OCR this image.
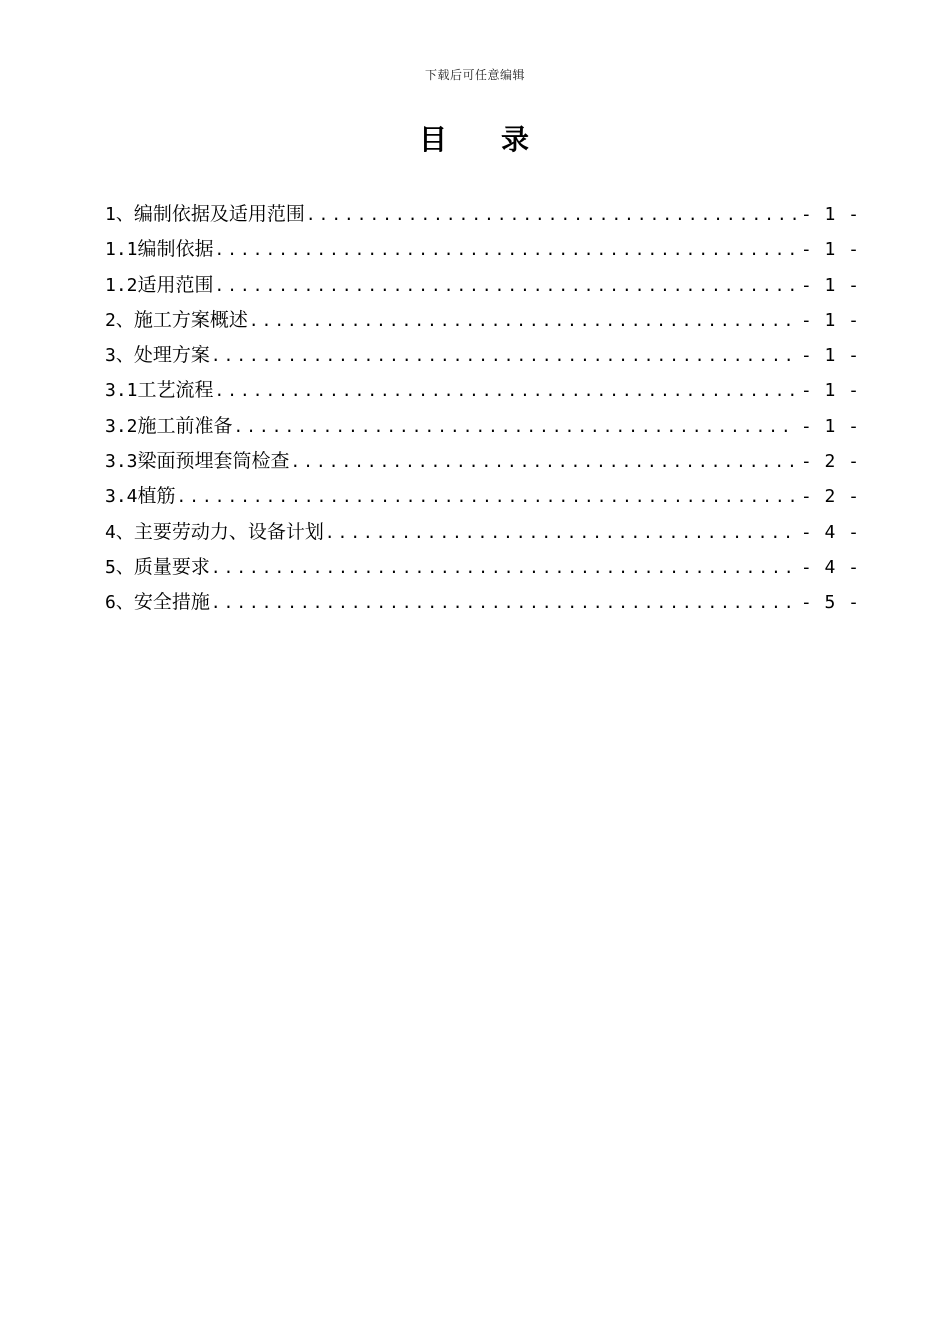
下载后可任意编辑
目 录
1、 编制依据及适用范围 .....	- 1 -
1.1 编制依据 .....	- 1 -
1.2 适用范围 .....	- 1 -
2、 施工方案概述 .....	- 1 -
3、 处理方案 .....	- 1 -
3.1 工艺流程 .....	- 1 -
3.2 施工前准备 .....	- 1 -
3.3 梁面预埋套筒检查 .....	- 2 -
3.4 植筋 .....	- 2 -
4、 主要劳动力、设备计划 .....	- 4 -
5、 质量要求 .....	- 4 -
6、 安全措施 .....	- 5 -
